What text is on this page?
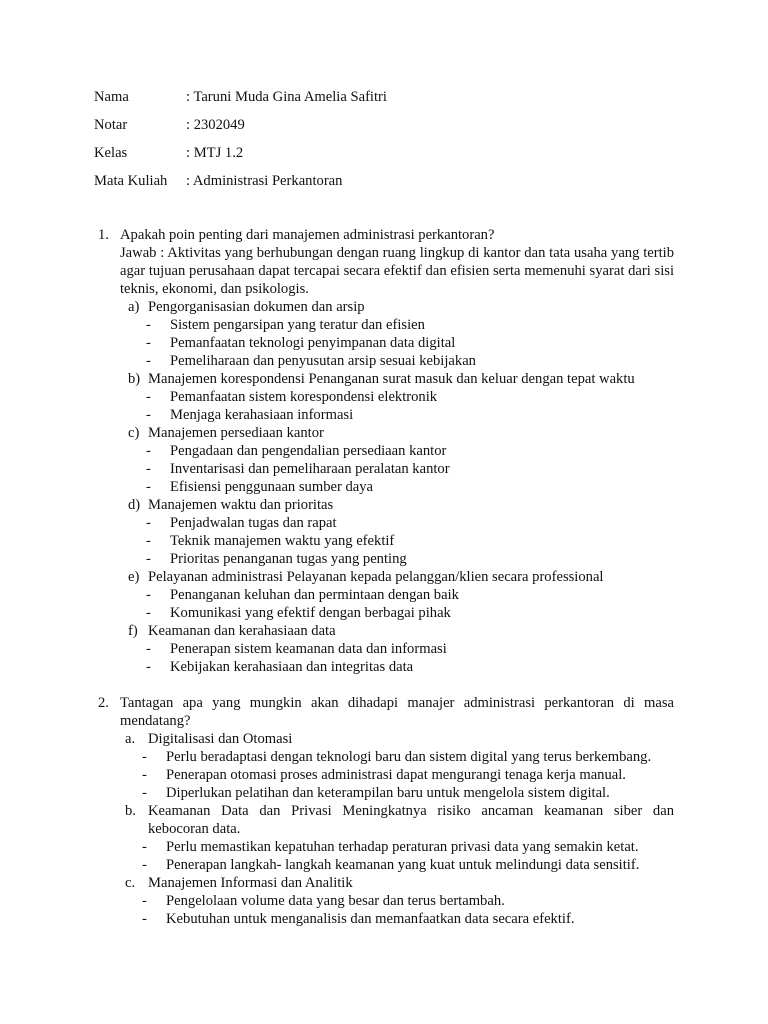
Nama	: Taruni Muda Gina Amelia Safitri
Notar	: 2302049
Kelas	: MTJ 1.2
Mata Kuliah : Administrasi Perkantoran
1. Apakah poin penting dari manajemen administrasi perkantoran?
Jawab : Aktivitas yang berhubungan dengan ruang lingkup di kantor dan tata usaha yang tertib agar tujuan perusahaan dapat tercapai secara efektif dan efisien serta memenuhi syarat dari sisi teknis, ekonomi, dan psikologis.
a) Pengorganisasian dokumen dan arsip
- Sistem pengarsipan yang teratur dan efisien
- Pemanfaatan teknologi penyimpanan data digital
- Pemeliharaan dan penyusutan arsip sesuai kebijakan
b) Manajemen korespondensi Penanganan surat masuk dan keluar dengan tepat waktu
- Pemanfaatan sistem korespondensi elektronik
- Menjaga kerahasiaan informasi
c) Manajemen persediaan kantor
- Pengadaan dan pengendalian persediaan kantor
- Inventarisasi dan pemeliharaan peralatan kantor
- Efisiensi penggunaan sumber daya
d) Manajemen waktu dan prioritas
- Penjadwalan tugas dan rapat
- Teknik manajemen waktu yang efektif
- Prioritas penanganan tugas yang penting
e) Pelayanan administrasi Pelayanan kepada pelanggan/klien secara professional
- Penanganan keluhan dan permintaan dengan baik
- Komunikasi yang efektif dengan berbagai pihak
f) Keamanan dan kerahasiaan data
- Penerapan sistem keamanan data dan informasi
- Kebijakan kerahasiaan dan integritas data
2. Tantagan apa yang mungkin akan dihadapi manajer administrasi perkantoran di masa mendatang?
a. Digitalisasi dan Otomasi
- Perlu beradaptasi dengan teknologi baru dan sistem digital yang terus berkembang.
- Penerapan otomasi proses administrasi dapat mengurangi tenaga kerja manual.
- Diperlukan pelatihan dan keterampilan baru untuk mengelola sistem digital.
b. Keamanan Data dan Privasi Meningkatnya risiko ancaman keamanan siber dan kebocoran data.
- Perlu memastikan kepatuhan terhadap peraturan privasi data yang semakin ketat.
- Penerapan langkah- langkah keamanan yang kuat untuk melindungi data sensitif.
c. Manajemen Informasi dan Analitik
- Pengelolaan volume data yang besar dan terus bertambah.
- Kebutuhan untuk menganalisis dan memanfaatkan data secara efektif.
